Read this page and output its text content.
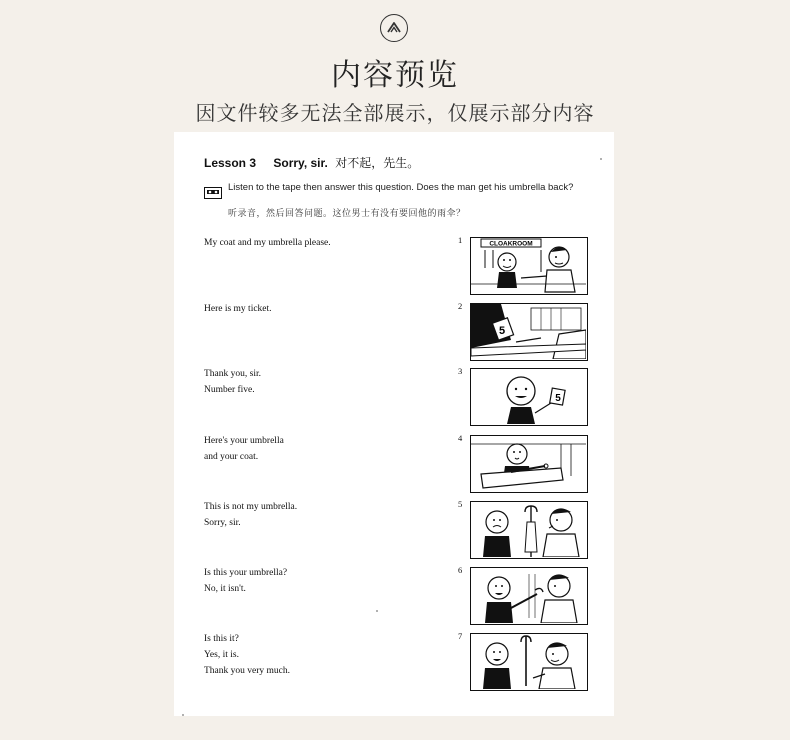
内容预览
因文件较多无法全部展示，仅展示部分内容
Lesson 3 Sorry, sir. 对不起，先生。
Listen to the tape then answer this question. Does the man get his umbrella back?
听录音，然后回答问题。这位男士有没有要回他的雨伞？
My coat and my umbrella please.	1	CLOAKROOM
Here is my ticket.	2
5
Thank you, sir.
Number five.
3
5
Here's your umbrella
and your coat.
4
This is not my umbrella.
Sorry, sir.
5
Is this your umbrella?
No, it isn't.
6
Is this it?
Yes, it is.
Thank you very much.
7
